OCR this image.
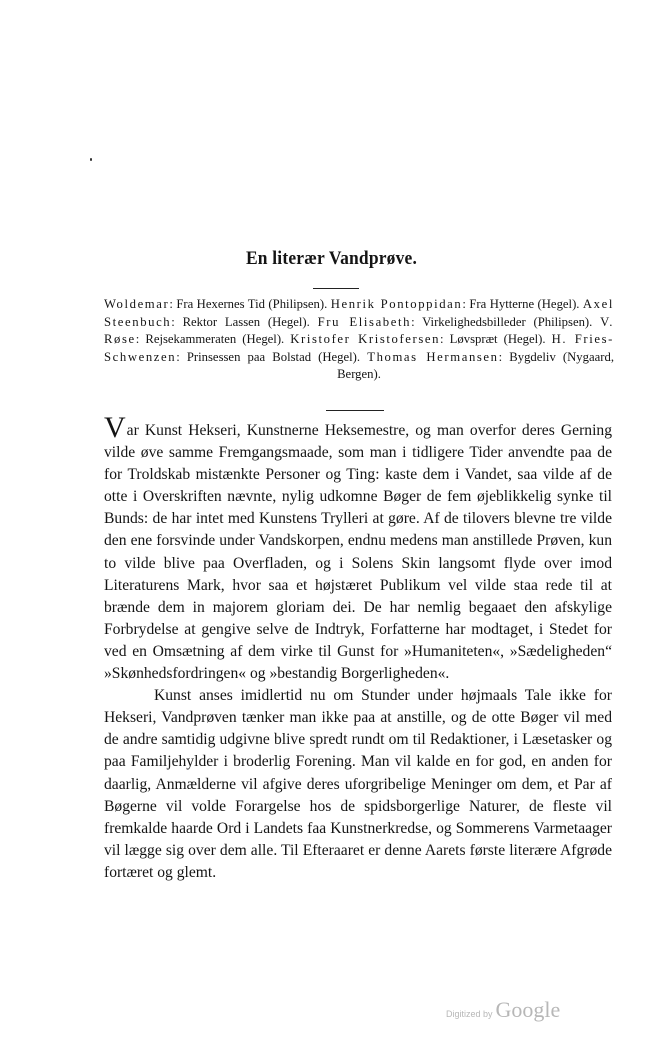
En literær Vandprøve.
Woldemar: Fra Hexernes Tid (Philipsen). Henrik Pontoppidan: Fra Hytterne (Hegel). Axel Steenbuch: Rektor Lassen (Hegel). Fru Elisabeth: Virkelighedsbilleder (Philipsen). V. Røse: Rejsekammeraten (Hegel). Kristofer Kristofersen: Løvspræt (Hegel). H. Fries-Schwenzen: Prinsessen paa Bolstad (Hegel). Thomas Hermansen: Bygdeliv (Nygaard, Bergen).

Var Kunst Hekseri, Kunstnerne Heksemestre, og man overfor deres Gerning vilde øve samme Fremgangsmaade, som man i tidligere Tider anvendte paa de for Troldskab mistænkte Personer og Ting: kaste dem i Vandet, saa vilde af de otte i Overskriften nævnte, nylig udkomne Bøger de fem øjeblikkelig synke til Bunds: de har intet med Kunstens Trylleri at gøre. Af de tilovers blevne tre vilde den ene forsvinde under Vandskorpen, endnu medens man anstillede Prøven, kun to vilde blive paa Overfladen, og i Solens Skin langsomt flyde over imod Literaturens Mark, hvor saa et højstæret Publikum vel vilde staa rede til at brænde dem in majorem gloriam dei. De har nemlig begaaet den afskylige Forbrydelse at gengive selve de Indtryk, Forfatterne har modtaget, i Stedet for ved en Omsætning af dem virke til Gunst for »Humaniteten«, »Sædeligheden“ »Skønhedsfordringen« og »bestandig Borgerligheden«.

Kunst anses imidlertid nu om Stunder under højmaals Tale ikke for Hekseri, Vandprøven tænker man ikke paa at anstille, og de otte Bøger vil med de andre samtidig udgivne blive spredt rundt om til Redaktioner, i Læsetasker og paa Familjehylder i broderlig Forening. Man vil kalde en for god, en anden for daarlig, Anmælderne vil afgive deres uforgribelige Meninger om dem, et Par af Bøgerne vil volde Forargelse hos de spidsborgerlige Naturer, de fleste vil fremkalde haarde Ord i Landets faa Kunstnerkredse, og Sommerens Varmetaager vil lægge sig over dem alle. Til Efteraaret er denne Aarets første literære Afgrøde fortæret og glemt.

Digitized by Google
